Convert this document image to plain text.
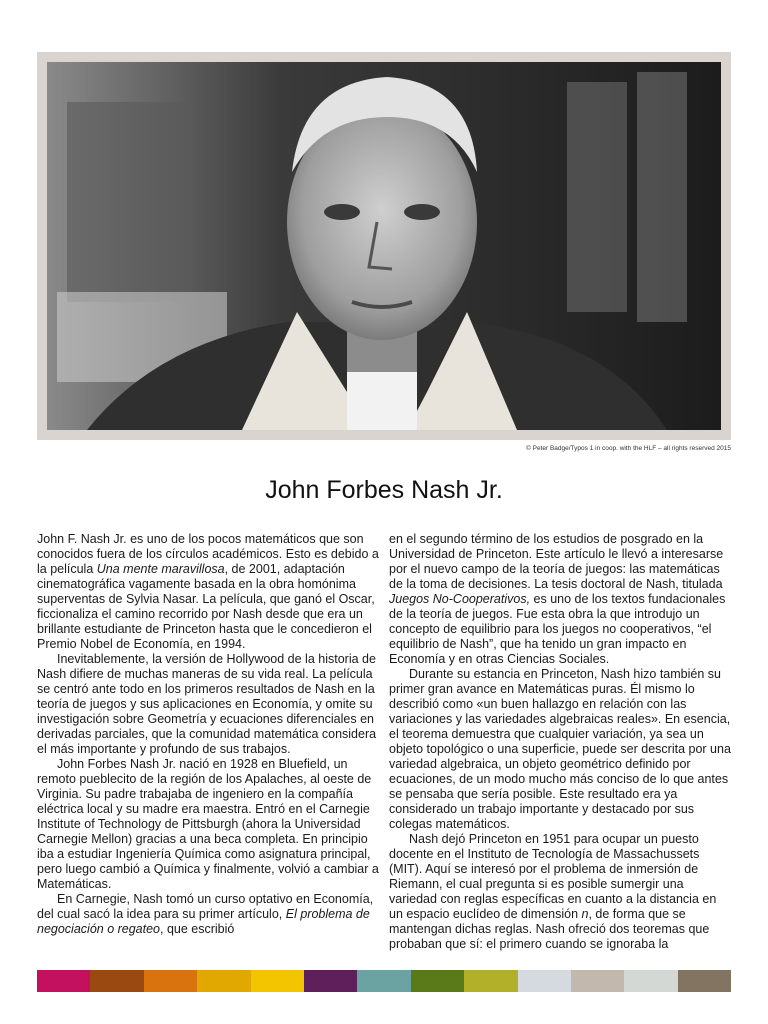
© Peter Badge/Typos 1 in coop. with the HLF – all rights reserved 2015
John Forbes Nash Jr.

John F. Nash Jr. es uno de los pocos matemáticos que son conocidos fuera de los círculos académicos. Esto es debido a la película Una mente maravillosa, de 2001, adaptación cinematográfica vagamente basada en la obra homónima superventas de Sylvia Nasar. La película, que ganó el Oscar, ficcionaliza el camino recorrido por Nash desde que era un brillante estudiante de Princeton hasta que le concedieron el Premio Nobel de Economía, en 1994.

Inevitablemente, la versión de Hollywood de la historia de Nash difiere de muchas maneras de su vida real. La película se centró ante todo en los primeros resultados de Nash en la teoría de juegos y sus aplicaciones en Economía, y omite su investigación sobre Geometría y ecuaciones diferenciales en derivadas parciales, que la comunidad matemática considera el más importante y profundo de sus trabajos.

John Forbes Nash Jr. nació en 1928 en Bluefield, un remoto pueblecito de la región de los Apalaches, al oeste de Virginia. Su padre trabajaba de ingeniero en la compañía eléctrica local y su madre era maestra. Entró en el Carnegie Institute of Technology de Pittsburgh (ahora la Universidad Carnegie Mellon) gracias a una beca completa. En principio iba a estudiar Ingeniería Química como asignatura principal, pero luego cambió a Química y finalmente, volvió a cambiar a Matemáticas.

En Carnegie, Nash tomó un curso optativo en Economía, del cual sacó la idea para su primer artículo, El problema de negociación o regateo, que escribió

en el segundo término de los estudios de posgrado en la Universidad de Princeton. Este artículo le llevó a interesarse por el nuevo campo de la teoría de juegos: las matemáticas de la toma de decisiones. La tesis doctoral de Nash, titulada Juegos No-Cooperativos, es uno de los textos fundacionales de la teoría de juegos. Fue esta obra la que introdujo un concepto de equilibrio para los juegos no cooperativos, “el equilibrio de Nash”, que ha tenido un gran impacto en Economía y en otras Ciencias Sociales.

Durante su estancia en Princeton, Nash hizo también su primer gran avance en Matemáticas puras. Él mismo lo describió como «un buen hallazgo en relación con las variaciones y las variedades algebraicas reales». En esencia, el teorema demuestra que cualquier variación, ya sea un objeto topológico o una superficie, puede ser descrita por una variedad algebraica, un objeto geométrico definido por ecuaciones, de un modo mucho más conciso de lo que antes se pensaba que sería posible. Este resultado era ya considerado un trabajo importante y destacado por sus colegas matemáticos.

Nash dejó Princeton en 1951 para ocupar un puesto docente en el Instituto de Tecnología de Massachussets (MIT). Aquí se interesó por el problema de inmersión de Riemann, el cual pregunta si es posible sumergir una variedad con reglas específicas en cuanto a la distancia en un espacio euclídeo de dimensión n, de forma que se mantengan dichas reglas. Nash ofreció dos teoremas que probaban que sí: el primero cuando se ignoraba la
